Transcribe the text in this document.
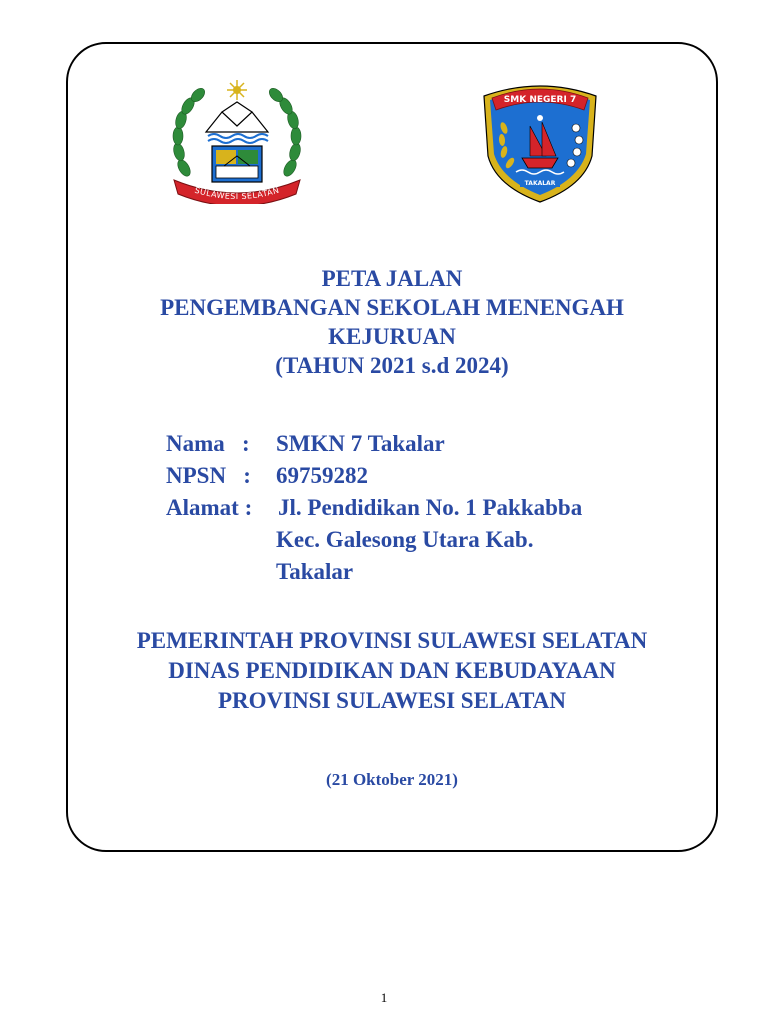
SULAWESI SELATAN
SMK NEGERI 7
TAKALAR
PETA JALAN
PENGEMBANGAN SEKOLAH MENENGAH
KEJURUAN
(TAHUN 2021 s.d 2024)
Nama   :	SMKN 7 Takalar
NPSN   :	69759282
Alamat :	Jl. Pendidikan No. 1 Pakkabba
Kec. Galesong Utara Kab.
Takalar
PEMERINTAH PROVINSI SULAWESI SELATAN
DINAS PENDIDIKAN DAN KEBUDAYAAN
PROVINSI SULAWESI SELATAN
(21 Oktober 2021)
1
